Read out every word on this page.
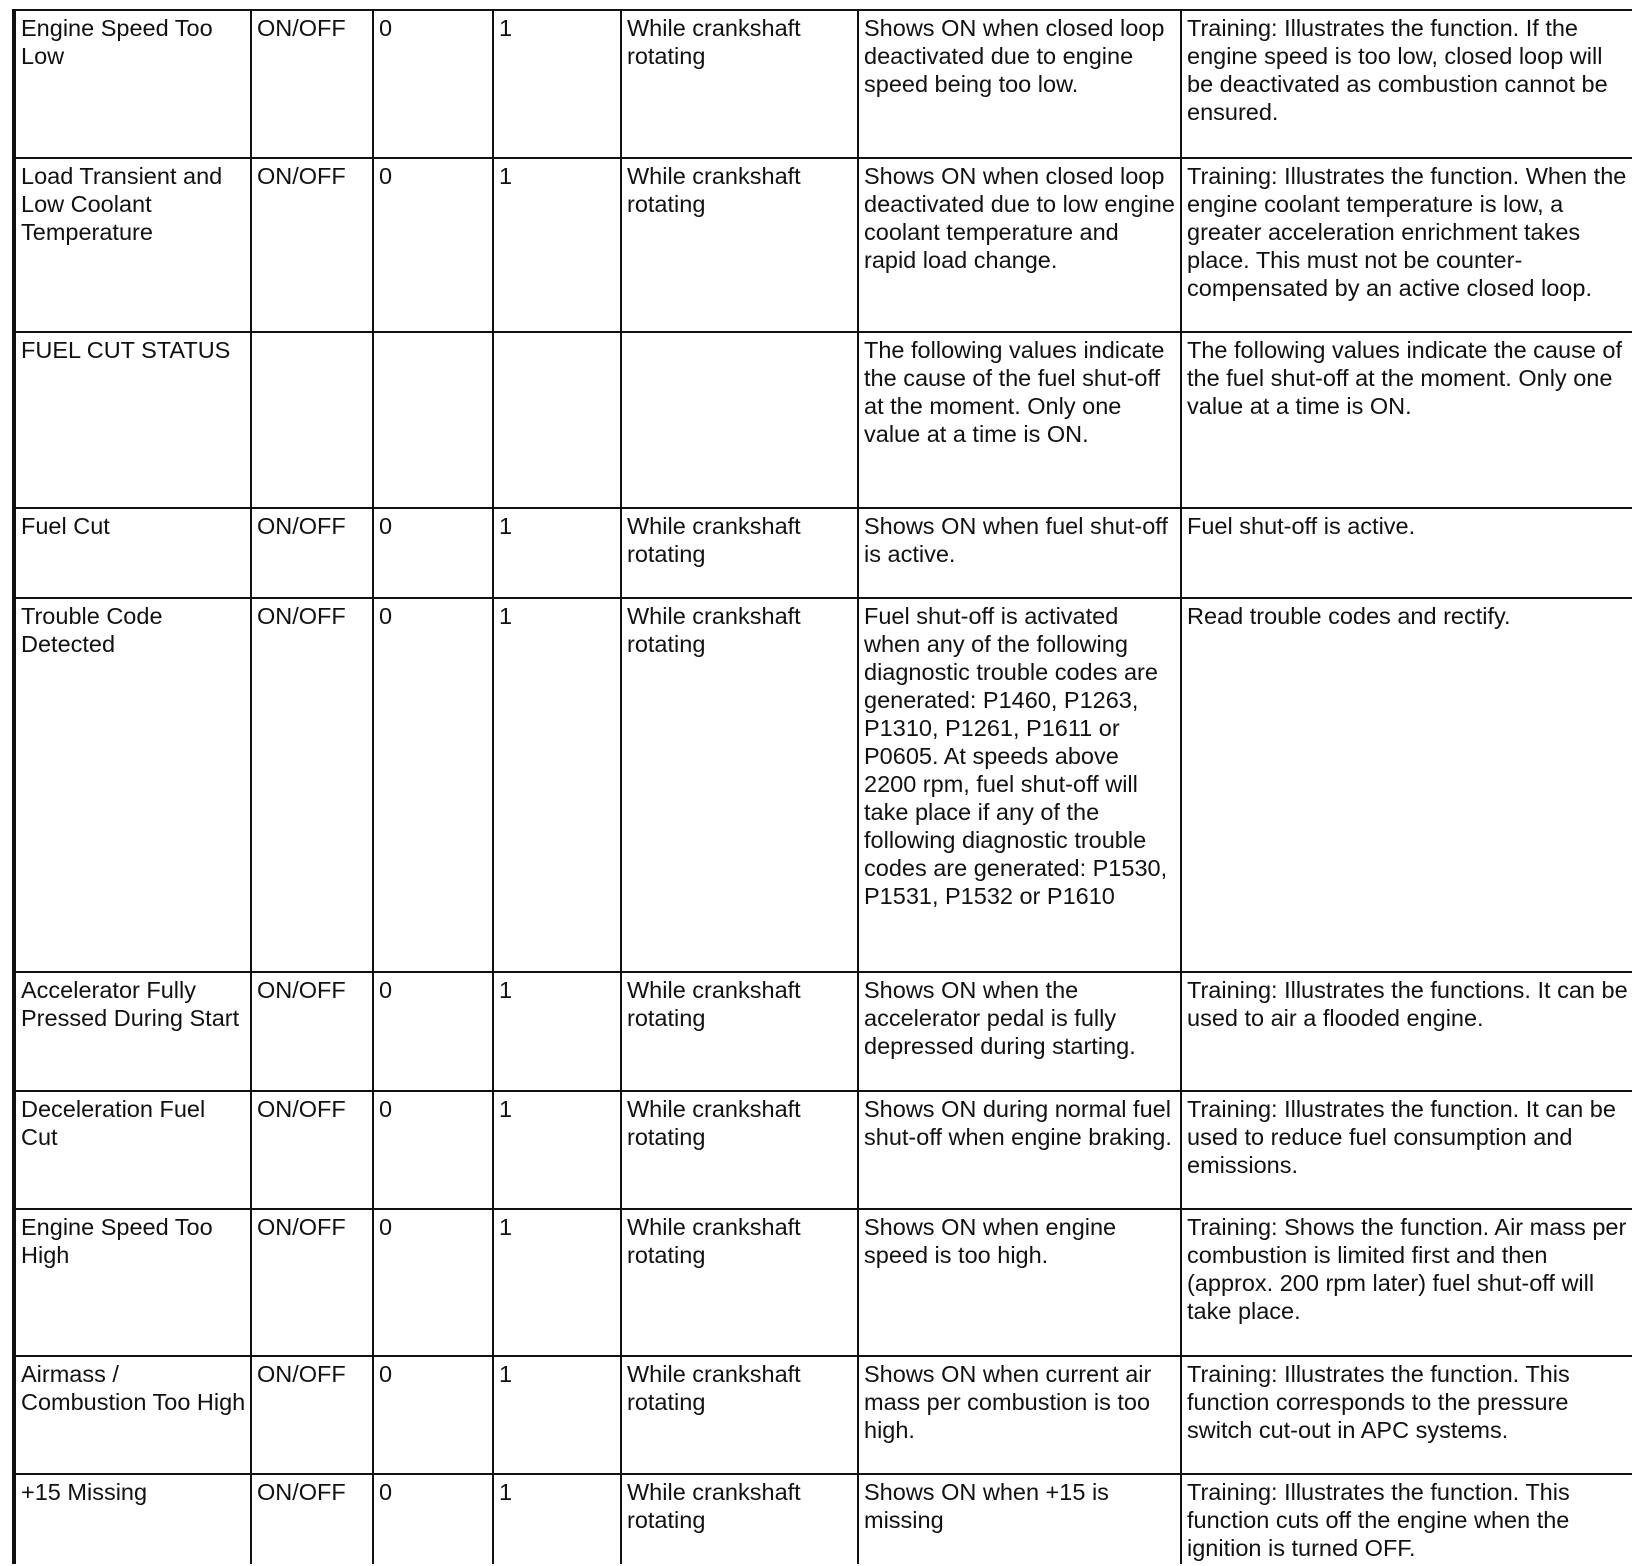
Engine Speed Too Low	ON/OFF	0	1	While crankshaft rotating	Shows ON when closed loop deactivated due to engine speed being too low.	Training: Illustrates the function. If the engine speed is too low, closed loop will be deactivated as combustion cannot be ensured.
Load Transient and Low Coolant Temperature	ON/OFF	0	1	While crankshaft rotating	Shows ON when closed loop deactivated due to low engine coolant temperature and rapid load change.	Training: Illustrates the function. When the engine coolant temperature is low, a greater acceleration enrichment takes place. This must not be counter-compensated by an active closed loop.
FUEL CUT STATUS					The following values indicate the cause of the fuel shut-off at the moment. Only one value at a time is ON.	The following values indicate the cause of the fuel shut-off at the moment. Only one value at a time is ON.
Fuel Cut	ON/OFF	0	1	While crankshaft rotating	Shows ON when fuel shut-off is active.	Fuel shut-off is active.
Trouble Code Detected	ON/OFF	0	1	While crankshaft rotating	Fuel shut-off is activated when any of the following diagnostic trouble codes are generated: P1460, P1263, P1310, P1261, P1611 or P0605. At speeds above 2200 rpm, fuel shut-off will take place if any of the following diagnostic trouble codes are generated: P1530, P1531, P1532 or P1610	Read trouble codes and rectify.

Accelerator Fully Pressed During Start	ON/OFF	0	1	While crankshaft rotating	Shows ON when the accelerator pedal is fully depressed during starting.	Training: Illustrates the functions. It can be used to air a flooded engine.
Deceleration Fuel Cut	ON/OFF	0	1	While crankshaft rotating	Shows ON during normal fuel shut-off when engine braking.	Training: Illustrates the function. It can be used to reduce fuel consumption and emissions.
Engine Speed Too High	ON/OFF	0	1	While crankshaft rotating	Shows ON when engine speed is too high.	Training: Shows the function. Air mass per combustion is limited first and then (approx. 200 rpm later) fuel shut-off will take place.
Airmass / Combustion Too High	ON/OFF	0	1	While crankshaft rotating	Shows ON when current air mass per combustion is too high.	Training: Illustrates the function. This function corresponds to the pressure switch cut-out in APC systems.
+15 Missing	ON/OFF	0	1	While crankshaft rotating	Shows ON when +15 is missing	Training: Illustrates the function. This function cuts off the engine when the ignition is turned OFF.
